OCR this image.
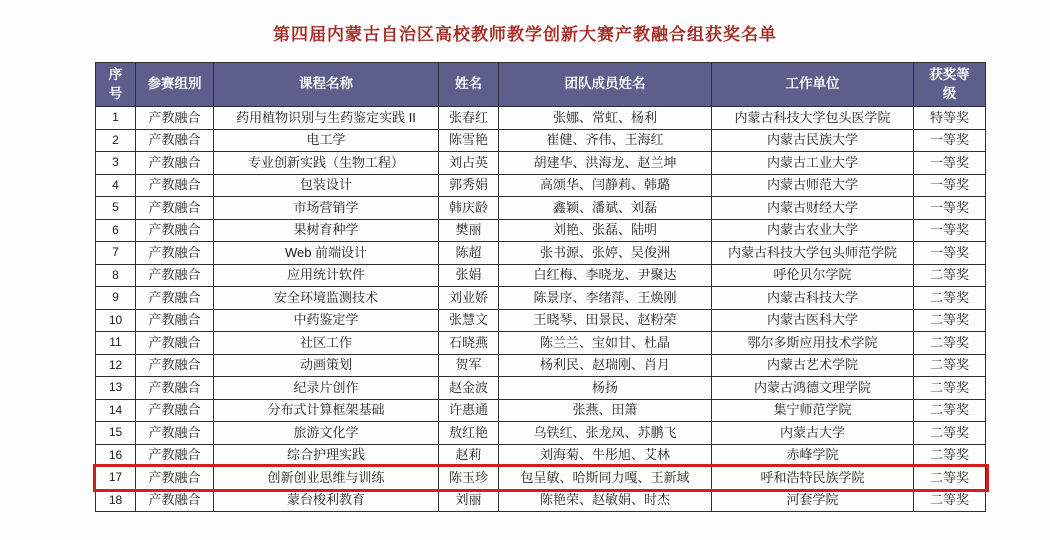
第四届内蒙古自治区高校教师教学创新大赛产教融合组获奖名单
序号	参赛组别	课程名称	姓名	团队成员姓名	工作单位	获奖等级
1	产教融合	药用植物识别与生药鉴定实践 II	张春红	张娜、常虹、杨利	内蒙古科技大学包头医学院	特等奖
2	产教融合	电工学	陈雪艳	崔健、齐伟、王海红	内蒙古民族大学	一等奖
3	产教融合	专业创新实践（生物工程）	刘占英	胡建华、洪海龙、赵兰坤	内蒙古工业大学	一等奖
4	产教融合	包装设计	郭秀娟	高颂华、闫静莉、韩璐	内蒙古师范大学	一等奖
5	产教融合	市场营销学	韩庆龄	鑫颖、潘斌、刘磊	内蒙古财经大学	一等奖
6	产教融合	果树育种学	樊丽	刘艳、张磊、陆明	内蒙古农业大学	一等奖
7	产教融合	Web 前端设计	陈超	张书源、张婷、吴俊洲	内蒙古科技大学包头师范学院	一等奖
8	产教融合	应用统计软件	张娟	白红梅、李晓龙、尹聚达	呼伦贝尔学院	二等奖
9	产教融合	安全环境监测技术	刘业娇	陈景序、李绪萍、王焕刚	内蒙古科技大学	二等奖
10	产教融合	中药鉴定学	张慧文	王晓琴、田景民、赵粉荣	内蒙古医科大学	二等奖
11	产教融合	社区工作	石晓燕	陈兰兰、宝如甘、杜晶	鄂尔多斯应用技术学院	二等奖
12	产教融合	动画策划	贺军	杨利民、赵瑞刚、肖月	内蒙古艺术学院	二等奖
13	产教融合	纪录片创作	赵金波	杨扬	内蒙古鸿德文理学院	二等奖
14	产教融合	分布式计算框架基础	许惠通	张燕、田箫	集宁师范学院	二等奖
15	产教融合	旅游文化学	敖红艳	乌铁红、张龙凤、苏鹏飞	内蒙古大学	二等奖
16	产教融合	综合护理实践	赵莉	刘海菊、牛彤旭、艾林	赤峰学院	二等奖
17	产教融合	创新创业思维与训练	陈玉珍	包呈敏、哈斯同力嘎、王新域	呼和浩特民族学院	二等奖
18	产教融合	蒙台梭利教育	刘丽	陈艳荣、赵敏娟、时杰	河套学院	二等奖
